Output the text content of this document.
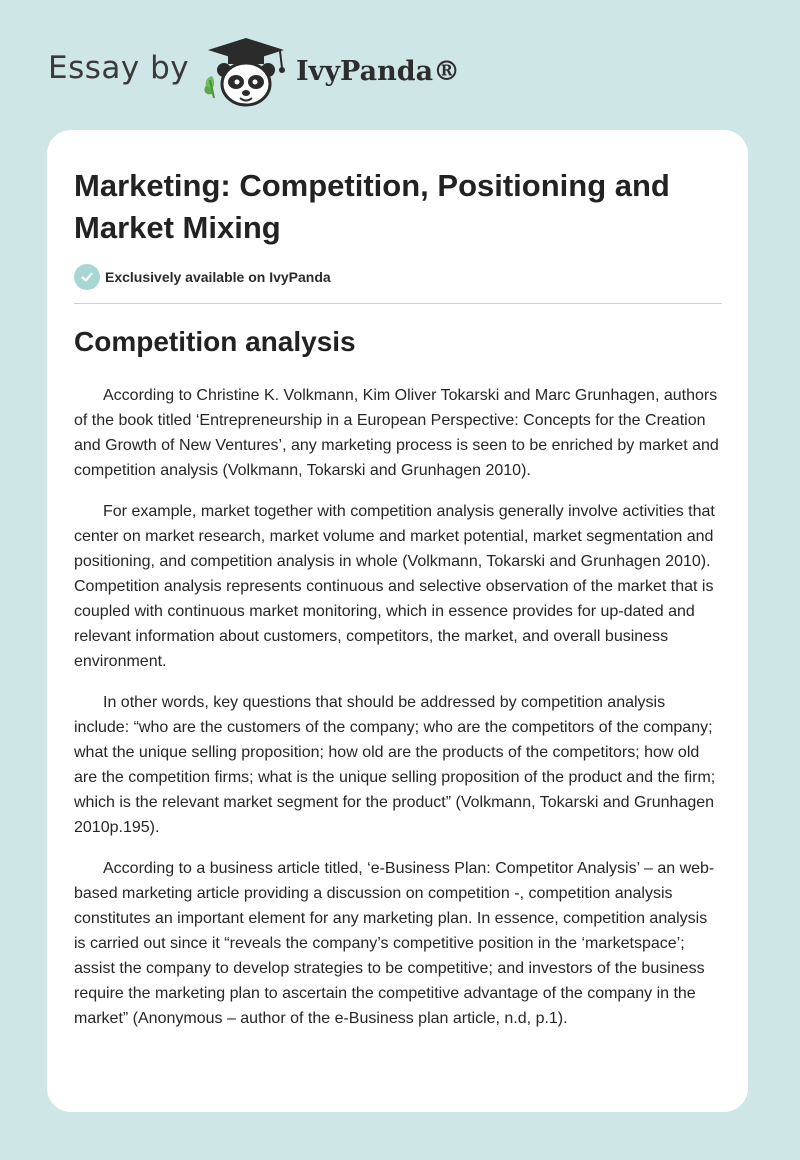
Essay by	IvyPanda®
Marketing: Competition, Positioning and Market Mixing
Exclusively available on IvyPanda
Competition analysis

According to Christine K. Volkmann, Kim Oliver Tokarski and Marc Grunhagen, authors of the book titled ‘Entrepreneurship in a European Perspective: Concepts for the Creation and Growth of New Ventures’, any marketing process is seen to be enriched by market and competition analysis (Volkmann, Tokarski and Grunhagen 2010).

For example, market together with competition analysis generally involve activities that center on market research, market volume and market potential, market segmentation and positioning, and competition analysis in whole (Volkmann, Tokarski and Grunhagen 2010). Competition analysis represents continuous and selective observation of the market that is coupled with continuous market monitoring, which in essence provides for up-dated and relevant information about customers, competitors, the market, and overall business environment.

In other words, key questions that should be addressed by competition analysis include: “who are the customers of the company; who are the competitors of the company; what the unique selling proposition; how old are the products of the competitors; how old are the competition firms; what is the unique selling proposition of the product and the firm; which is the relevant market segment for the product” (Volkmann, Tokarski and Grunhagen 2010p.195).

According to a business article titled, ‘e-Business Plan: Competitor Analysis’ – an web-based marketing article providing a discussion on competition -, competition analysis constitutes an important element for any marketing plan. In essence, competition analysis is carried out since it “reveals the company’s competitive position in the ‘marketspace’; assist the company to develop strategies to be competitive; and investors of the business require the marketing plan to ascertain the competitive advantage of the company in the market” (Anonymous – author of the e-Business plan article, n.d, p.1).
